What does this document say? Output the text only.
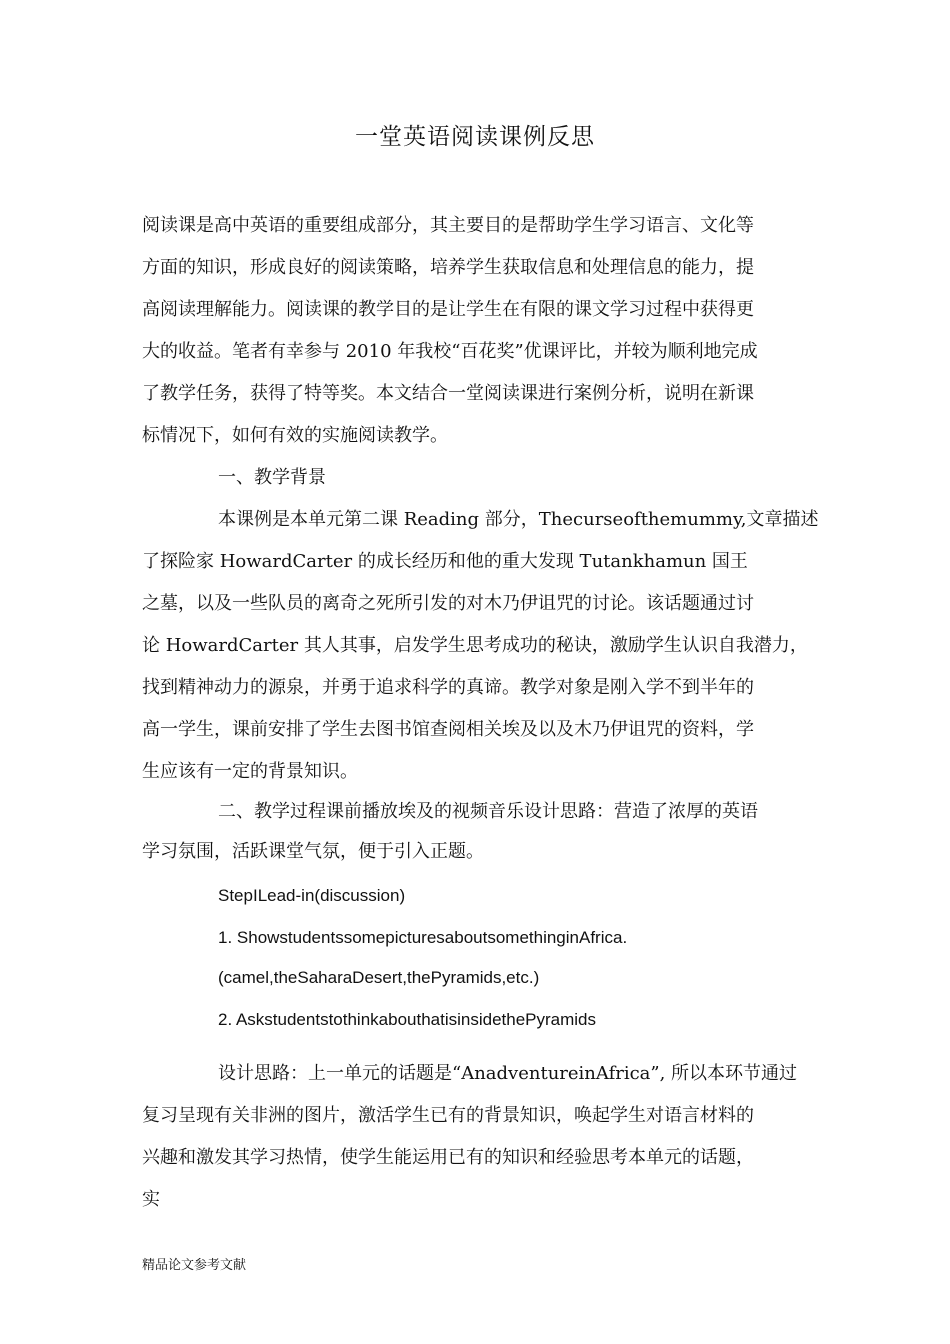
一堂英语阅读课例反思
阅读课是高中英语的重要组成部分，其主要目的是帮助学生学习语言、文化等
方面的知识，形成良好的阅读策略，培养学生获取信息和处理信息的能力，提
高阅读理解能力。阅读课的教学目的是让学生在有限的课文学习过程中获得更
大的收益。笔者有幸参与 2010 年我校“百花奖”优课评比，并较为顺利地完成
了教学任务，获得了特等奖。本文结合一堂阅读课进行案例分析，说明在新课
标情况下，如何有效的实施阅读教学。
一、教学背景
本课例是本单元第二课 Reading 部分，Thecurseofthemummy,文章描述
了探险家 HowardCarter 的成长经历和他的重大发现 Tutankhamun 国王
之墓，以及一些队员的离奇之死所引发的对木乃伊诅咒的讨论。该话题通过讨
论 HowardCarter 其人其事，启发学生思考成功的秘诀，激励学生认识自我潜力，
找到精神动力的源泉，并勇于追求科学的真谛。教学对象是刚入学不到半年的
高一学生，课前安排了学生去图书馆查阅相关埃及以及木乃伊诅咒的资料，学
生应该有一定的背景知识。
二、教学过程课前播放埃及的视频音乐设计思路：营造了浓厚的英语
学习氛围，活跃课堂气氛，便于引入正题。
StepILead-in(discussion)
1. ShowstudentssomepicturesaboutsomethinginAfrica.
(camel,theSaharaDesert,thePyramids,etc.)
2. AskstudentstothinkabouthatisinsidethePyramids
设计思路：上一单元的话题是“AnadventureinAfrica”, 所以本环节通过
复习呈现有关非洲的图片，激活学生已有的背景知识，唤起学生对语言材料的
兴趣和激发其学习热情，使学生能运用已有的知识和经验思考本单元的话题，
实
精品论文参考文献
